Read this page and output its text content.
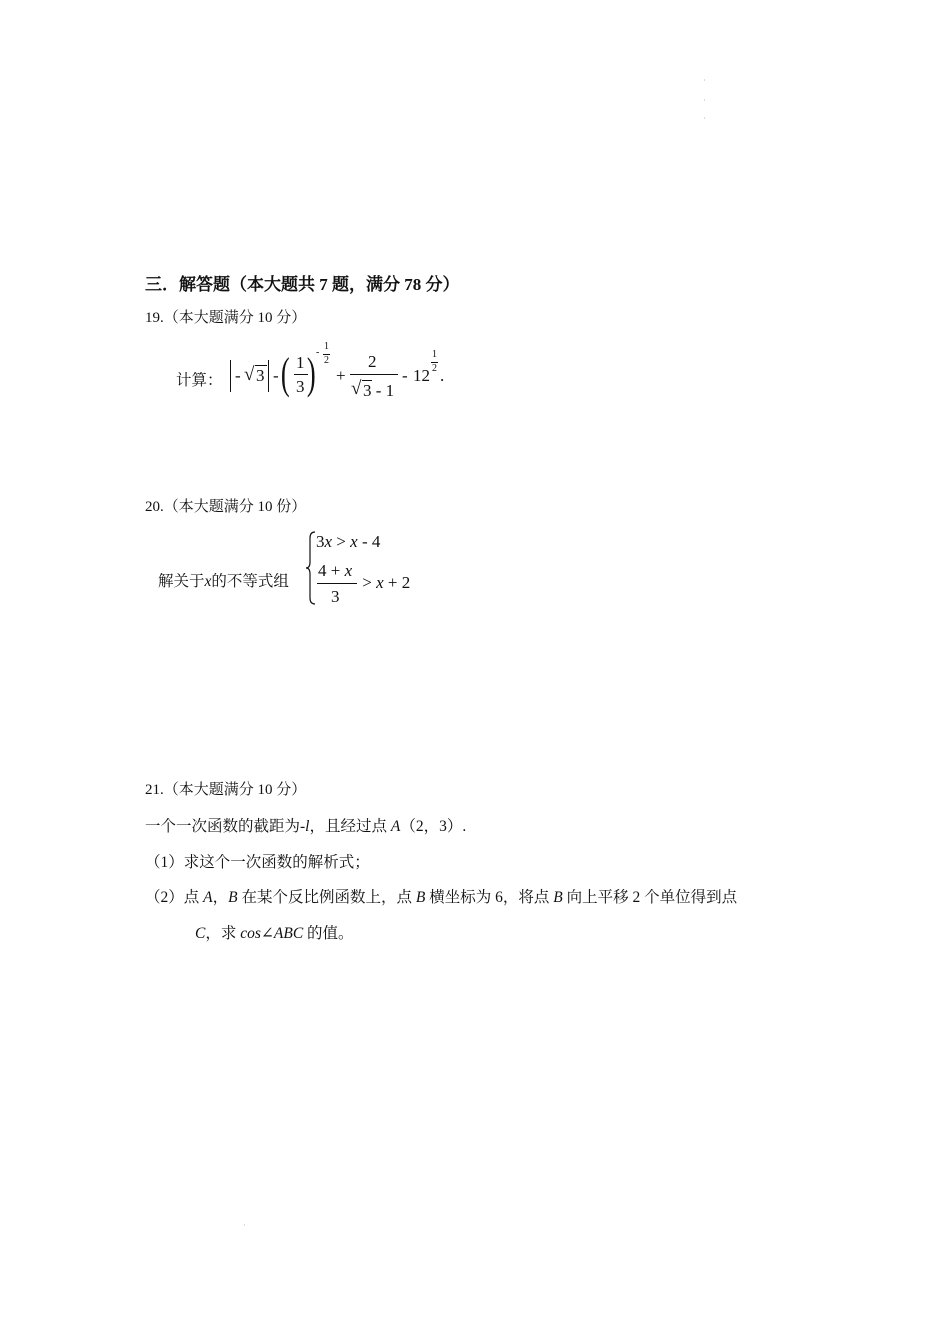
·
·
·
·
三．解答题（本大题共 7 题，满分 78 分）
19.（本大题满分 10 分）
计算： - √ 3 - ( 1
3 ) -
1
2
+
2
√ 3 - 1
- 12
1
2 .
20.（本大题满分 10 份）
解关于x的不等式组
3x > x - 4
4 + x
3
> x + 2
21.（本大题满分 10 分）
一个一次函数的截距为-l，且经过点 A（2，3）.
（1）求这个一次函数的解析式；
（2）点 A，B 在某个反比例函数上，点 B 横坐标为 6，将点 B 向上平移 2 个单位得到点
C，求 cos∠ABC 的值。
